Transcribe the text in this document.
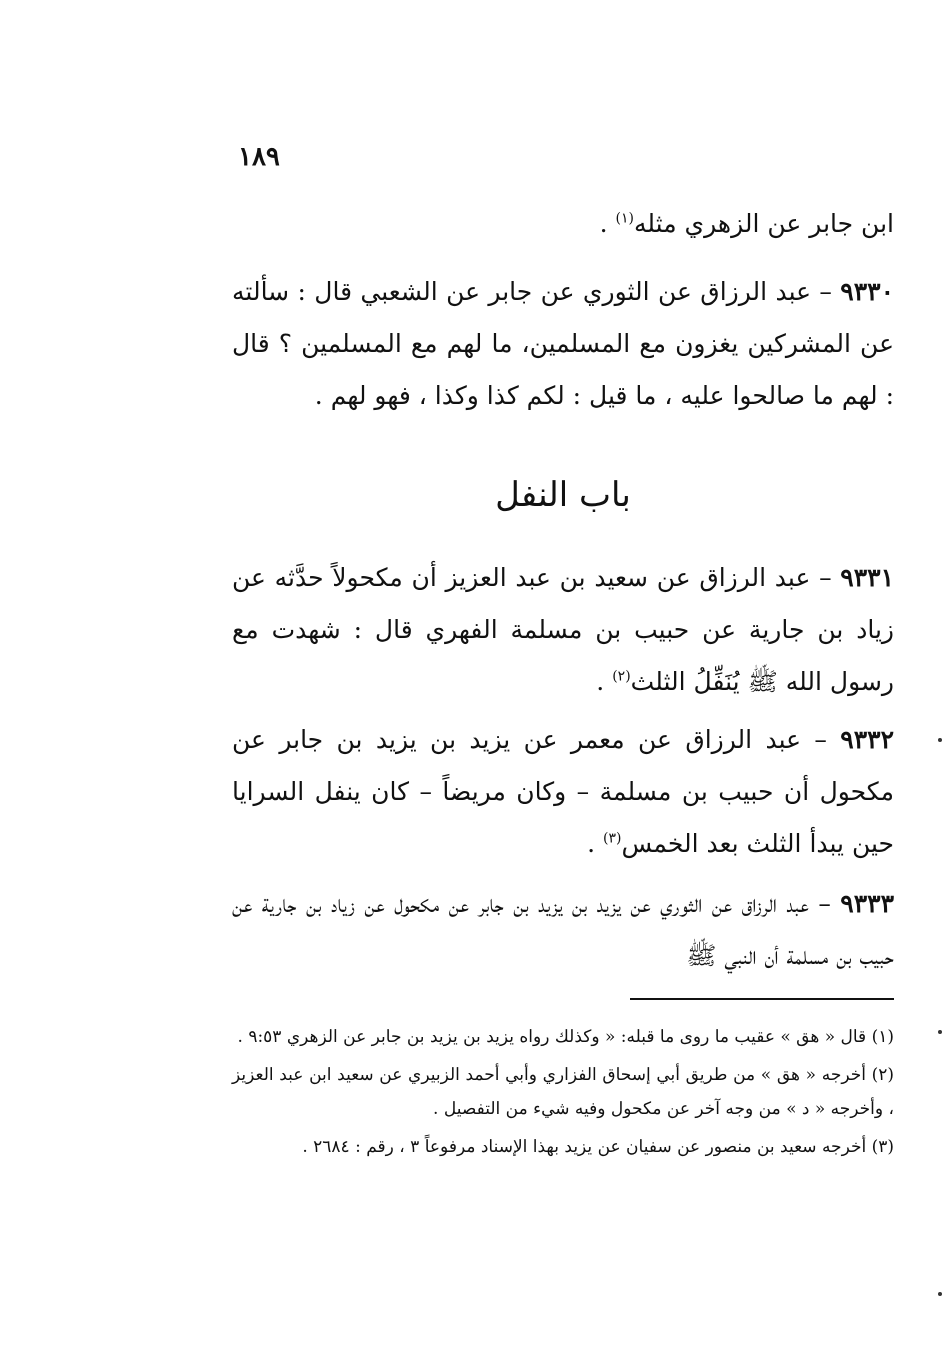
١٨٩
ابن جابر عن الزهري مثله$^{(١)}$ .
٩٣٣٠ – عبد الرزاق عن الثوري عن جابر عن الشعبي قال : سألته عن المشركين يغزون مع المسلمين، ما لهم مع المسلمين ؟ قال : لهم ما صالحوا عليه ، ما قيل : لكم كذا وكذا ، فهو لهم .
باب النفل
٩٣٣١ – عبد الرزاق عن سعيد بن عبد العزيز أن مكحولاً حدَّثه عن زياد بن جارية عن حبيب بن مسلمة الفهري قال : شهدت مع رسول الله ﷺ يُنَفِّلُ الثلث$^{(٢)}$ .
٩٣٣٢ – عبد الرزاق عن معمر عن يزيد بن يزيد بن جابر عن مكحول أن حبيب بن مسلمة – وكان مريضاً – كان ينفل السرايا حين يبدأ الثلث بعد الخمس$^{(٣)}$ .
٩٣٣٣ – عبد الرزاق عن الثوري عن يزيد بن يزيد بن جابر عن مكحول عن زياد بن جارية عن حبيب بن مسلمة أن النبي ﷺ

(١) قال « هق » عقيب ما روى ما قبله: « وكذلك رواه يزيد بن يزيد بن جابر عن الزهري ٩:٥٣ .

(٢) أخرجه « هق » من طريق أبي إسحاق الفزاري وأبي أحمد الزبيري عن سعيد ابن عبد العزيز ، وأخرجه « د » من وجه آخر عن مكحول وفيه شيء من التفصيل .

(٣) أخرجه سعيد بن منصور عن سفيان عن يزيد بهذا الإسناد مرفوعاً ٣ ، رقم : ٢٦٨٤ .
